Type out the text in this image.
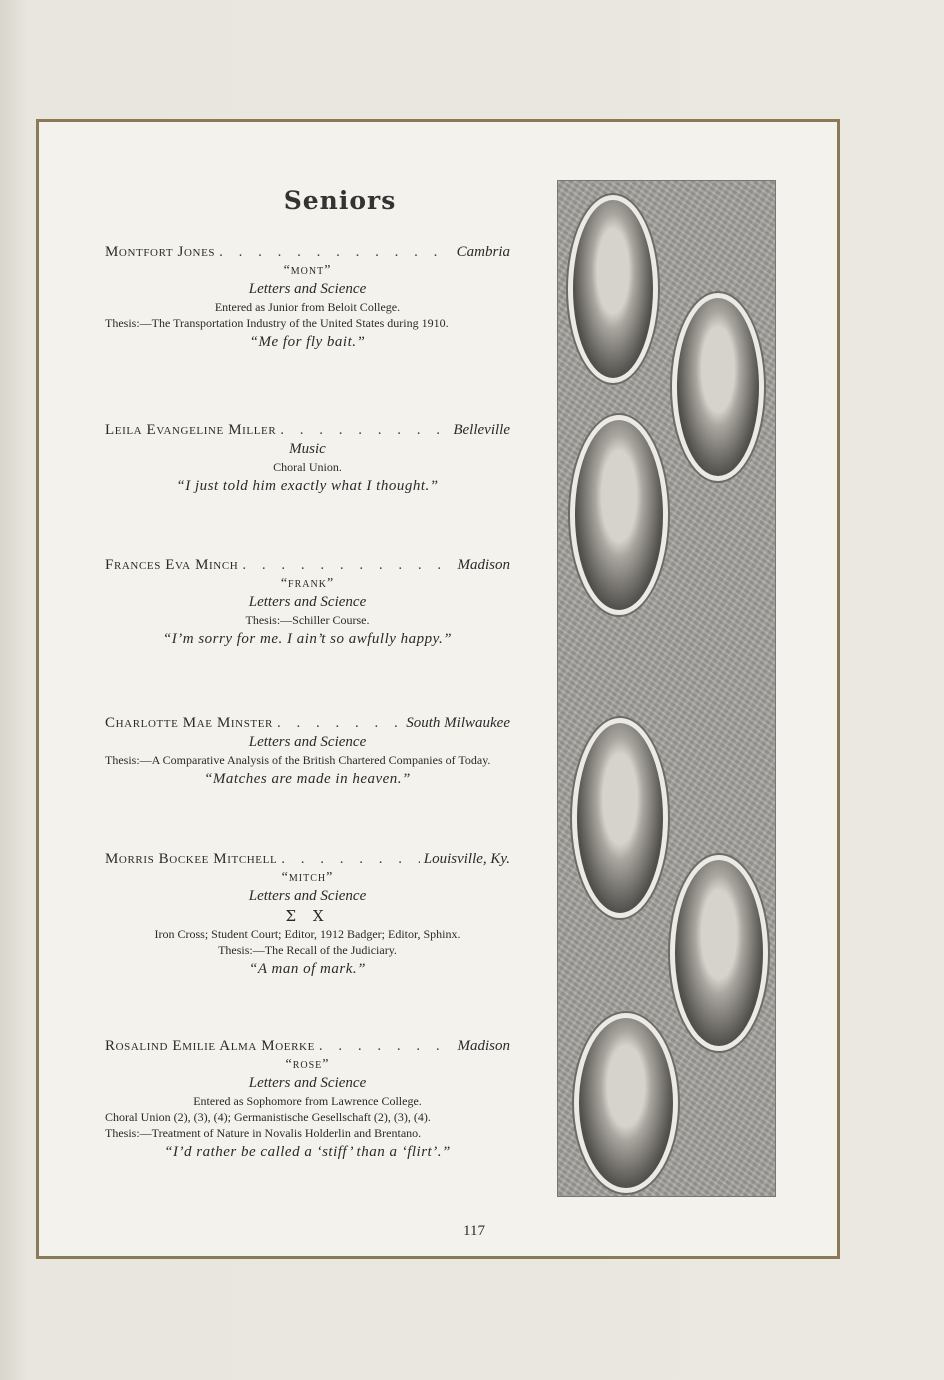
Seniors
Montfort Jones . . .	Cambria
“mont”
Letters and Science
Entered as Junior from Beloit College.
Thesis:—The Transportation Industry of the United States during 1910.
“Me for fly bait.”
Leila Evangeline Miller . . .	Belleville
Music
Choral Union.
“I just told him exactly what I thought.”
Frances Eva Minch . . .	Madison
“frank”
Letters and Science
Thesis:—Schiller Course.
“I’m sorry for me. I ain’t so awfully happy.”
Charlotte Mae Minster . . .	South Milwaukee
Letters and Science
Thesis:—A Comparative Analysis of the British Chartered Companies of Today.
“Matches are made in heaven.”
Morris Bockee Mitchell . . .	Louisville, Ky.
“mitch”
Letters and Science
Σ X
Iron Cross; Student Court; Editor, 1912 Badger; Editor, Sphinx.
Thesis:—The Recall of the Judiciary.
“A man of mark.”
Rosalind Emilie Alma Moerke . . .	Madison
“rose”
Letters and Science
Entered as Sophomore from Lawrence College.
Choral Union (2), (3), (4); Germanistische Gesellschaft (2), (3), (4).
Thesis:—Treatment of Nature in Novalis Holderlin and Brentano.
“I’d rather be called a ‘stiff’ than a ‘flirt’.”
117
